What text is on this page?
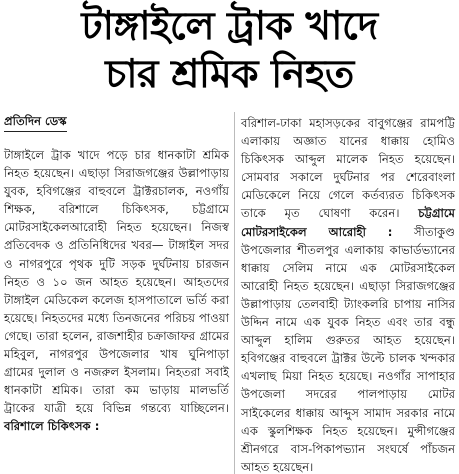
টাঙ্গাইলে ট্রাক খাদে
চার শ্রমিক নিহত
প্রতিদিন ডেস্ক

টাঙ্গাইলে ট্রাক খাদে পড়ে চার ধানকাটা শ্রমিক নিহত হয়েছেন। এছাড়া সিরাজগঞ্জের উল্লাপাড়ায় যুবক, হবিগঞ্জের বাহুবলে ট্রাক্টরচালক, নওগাঁয় শিক্ষক, বরিশালে চিকিৎসক, চট্টগ্রামে মোটরসাইকেলআরোহী নিহত হয়েছেন। নিজস্ব প্রতিবেদক ও প্রতিনিধিদের খবর— টাঙ্গাইল সদর ও নাগরপুরে পৃথক দুটি সড়ক দুর্ঘটনায় চারজন নিহত ও ১০ জন আহত হয়েছেন। আহতদের টাঙ্গাইল মেডিকেল কলেজ হাসপাতালে ভর্তি করা হয়েছে। নিহতদের মধ্যে তিনজনের পরিচয় পাওয়া গেছে। তারা হলেন, রাজশাহীর চক্রাজাফর গ্রামের মহিবুল, নাগরপুর উপজেলার খাষ ঘুনিপাড়া গ্রামের দুলাল ও নজরুল ইসলাম। নিহতরা সবাই ধানকাটা শ্রমিক। তারা কম ভাড়ায় মালভর্তি ট্রাকের যাত্রী হয়ে বিভিন্ন গন্তব্যে যাচ্ছিলেন। বরিশালে চিকিৎসক :

বরিশাল-ঢাকা মহাসড়কের বাবুগঞ্জের রামপট্টি এলাকায় অজ্ঞাত যানের ধাক্কায় হোমিও চিকিৎসক আব্দুল মালেক নিহত হয়েছেন। সোমবার সকালে দুর্ঘটনার পর শেরেবাংলা মেডিকেলে নিয়ে গেলে কর্তব্যরত চিকিৎসক তাকে মৃত ঘোষণা করেন। চট্টগ্রামে মোটরসাইকেল আরোহী : সীতাকুণ্ড উপজেলার শীতলপুর এলাকায় কাভার্ডভ্যানের ধাক্কায় সেলিম নামে এক মোটরসাইকেল আরোহী নিহত হয়েছেন। এছাড়া সিরাজগঞ্জের উল্লাপাড়ায় তেলবাহী ট্যাংকলরি চাপায় নাসির উদ্দিন নামে এক যুবক নিহত এবং তার বন্ধু আব্দুল হালিম গুরুতর আহত হয়েছেন। হবিগঞ্জের বাহুবলে ট্রাক্টর উল্টে চালক খন্দকার এখলাছ মিয়া নিহত হয়েছে। নওগাঁর সাপাহার উপজেলা সদরের পালপাড়ায় মোটর সাইকেলের ধাক্কায় আব্দুস সামাদ সরকার নামে এক স্কুলশিক্ষক নিহত হয়েছেন। মুন্সীগঞ্জের শ্রীনগরে বাস-পিকাপভ্যান সংঘর্ষে পাঁচজন আহত হয়েছেন।
